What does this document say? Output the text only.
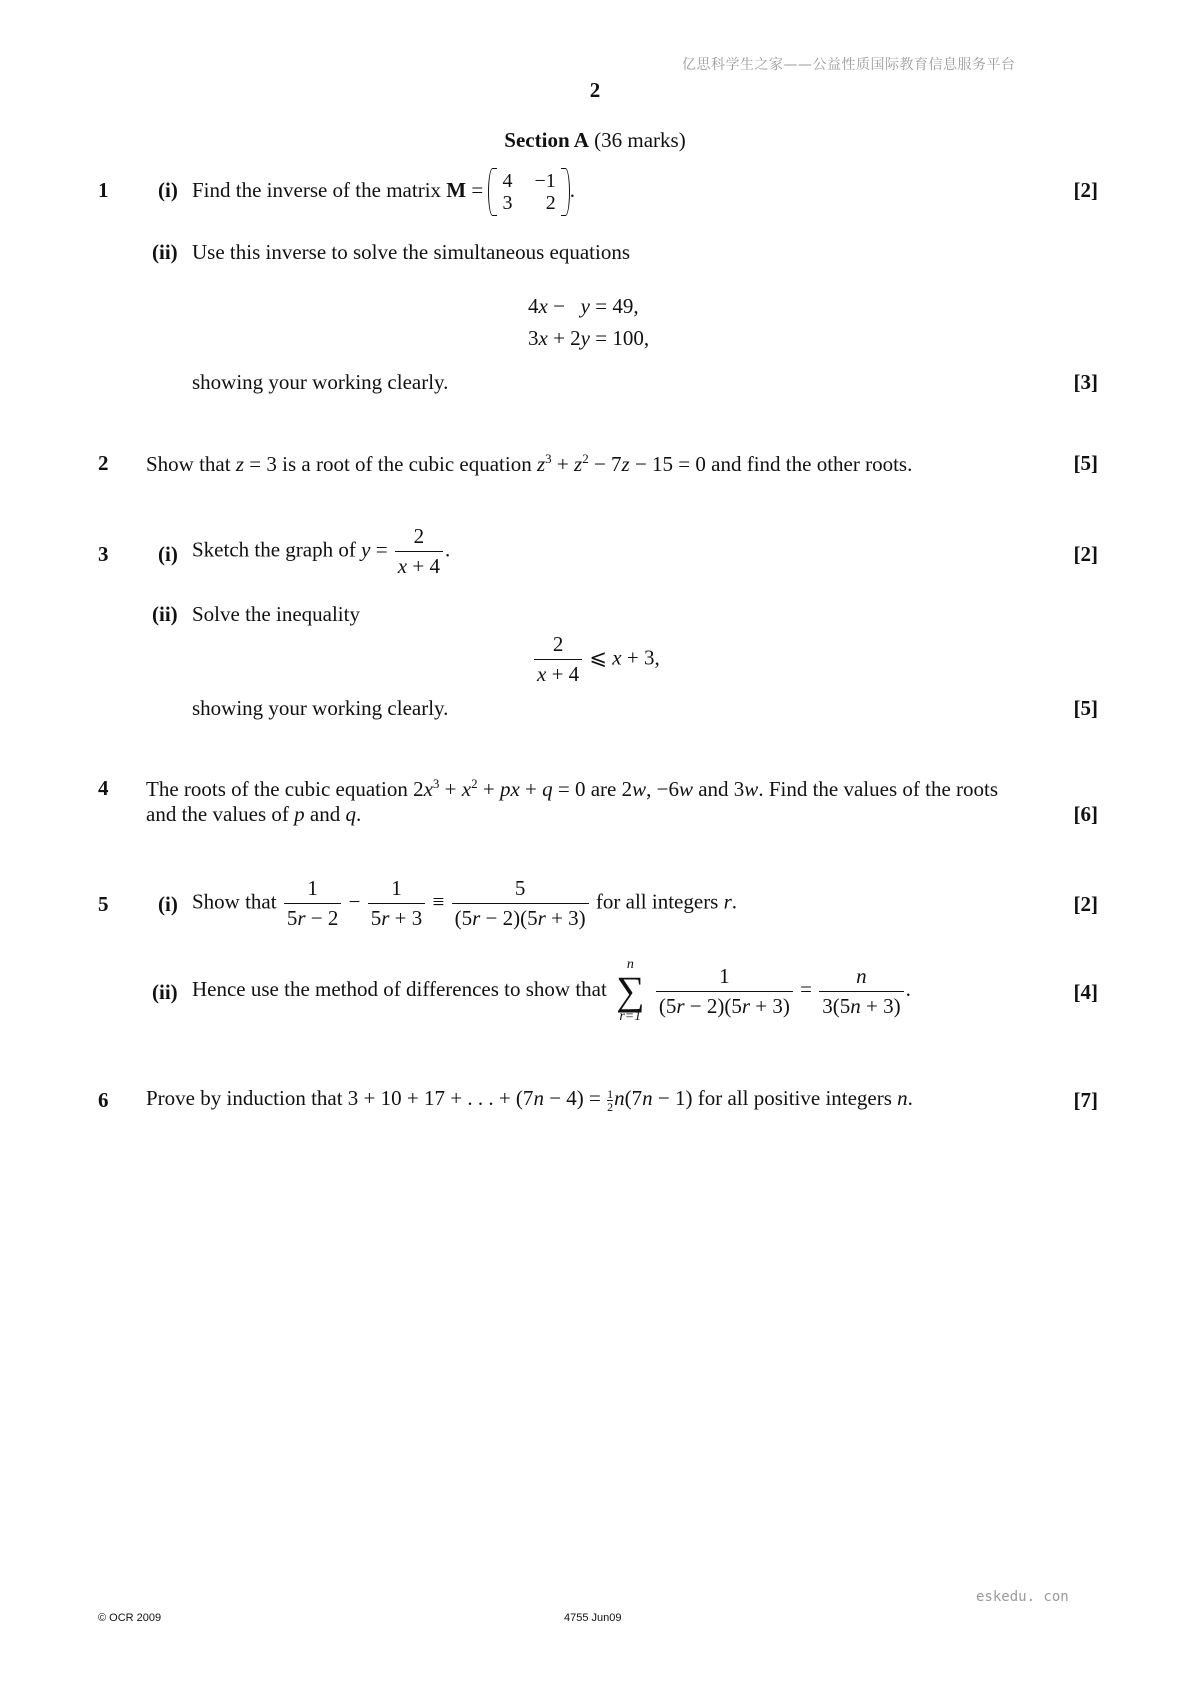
亿思科学生之家——公益性质国际教育信息服务平台
2
Section A (36 marks)
1 (i) Find the inverse of the matrix M = 4	−1
3	2
.	[2]
(ii) Use this inverse to solve the simultaneous equations
4x −   y = 49,
3x + 2y = 100,
showing your working clearly.	[3]
2 Show that z = 3 is a root of the cubic equation $z^3 + z^2 - 7z - 15 = 0$ and find the other roots.	[5]
3 (i) Sketch the graph of $y = \frac{2}{x + 4}$ .	[2]
(ii) Solve the inequality
$\frac{2}{x + 4}$ ⩽ x + 3,
showing your working clearly.	[5]
4 The roots of the cubic equation $2x^3 + x^2$ + px + q = 0 are 2w, −6w and 3w. Find the values of the roots
and the values of p and q.	[6]
5 (i) Show that $\frac{1}{5r - 2} - \frac{1}{5r + 3} \equiv \frac{5}{(5r - 2)(5r + 3)}$ for all integers r.	[2]
(ii) Hence use the method of differences to show that
n
∑
r=1
$\frac{1}{(5r - 2)(5r + 3)} = \frac{n}{3(5n + 3)}$ .	[4]
6 Prove by induction that 3 + 10 + 17 + . . . + $(7n - 4) = \frac{1}{2} n(7n - 1)$ for all positive integers n.	[7]
eskedu. con
© OCR 2009	4755 Jun09
